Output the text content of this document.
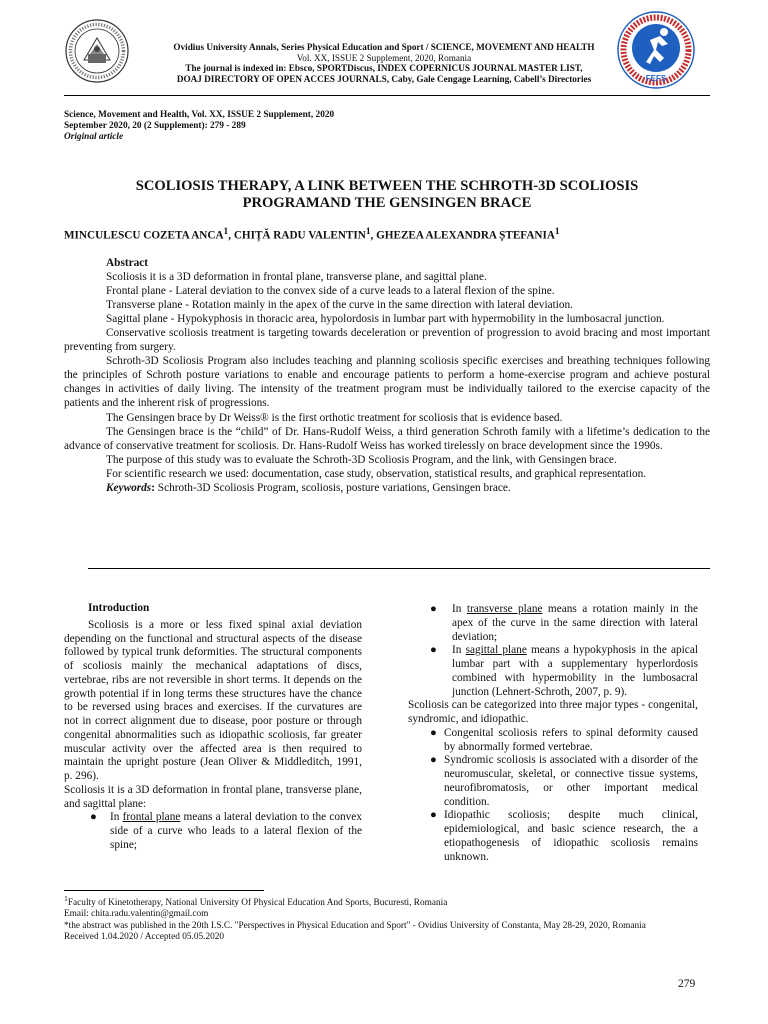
FEFS
Ovidius University Annals, Series Physical Education and Sport / SCIENCE, MOVEMENT AND HEALTH
Vol. XX, ISSUE 2 Supplement, 2020, Romania
The journal is indexed in: Ebsco, SPORTDiscus, INDEX COPERNICUS JOURNAL MASTER LIST,
DOAJ DIRECTORY OF OPEN ACCES JOURNALS, Caby, Gale Cengage Learning, Cabell’s Directories
Science, Movement and Health, Vol. XX, ISSUE 2 Supplement, 2020
September 2020, 20 (2 Supplement): 279 - 289
Original article
SCOLIOSIS THERAPY, A LINK BETWEEN THE SCHROTH-3D SCOLIOSIS
PROGRAMAND THE GENSINGEN BRACE
MINCULESCU COZETA ANCA$^1$, CHIȚĂ RADU VALENTIN$^1$, GHEZEA ALEXANDRA ȘTEFANIA$^1$

Abstract

Scoliosis it is a 3D deformation in frontal plane, transverse plane, and sagittal plane.

Frontal plane - Lateral deviation to the convex side of a curve leads to a lateral flexion of the spine.

Transverse plane - Rotation mainly in the apex of the curve in the same direction with lateral deviation.

Sagittal plane - Hypokyphosis in thoracic area, hypolordosis in lumbar part with hypermobility in the lumbosacral junction.

Conservative scoliosis treatment is targeting towards deceleration or prevention of progression to avoid bracing and most important preventing from surgery.

Schroth-3D Scoliosis Program also includes teaching and planning scoliosis specific exercises and breathing techniques following the principles of Schroth posture variations to enable and encourage patients to perform a home-exercise program and achieve postural changes in activities of daily living. The intensity of the treatment program must be individually tailored to the exercise capacity of the patients and the inherent risk of progressions.

The Gensingen brace by Dr Weiss® is the first orthotic treatment for scoliosis that is evidence based.

The Gensingen brace is the “child” of Dr. Hans-Rudolf Weiss, a third generation Schroth family with a lifetime’s dedication to the advance of conservative treatment for scoliosis. Dr. Hans-Rudolf Weiss has worked tirelessly on brace development since the 1990s.

The purpose of this study was to evaluate the Schroth-3D Scoliosis Program, and the link, with Gensingen brace.

For scientific research we used: documentation, case study, observation, statistical results, and graphical representation.

Keywords: Schroth-3D Scoliosis Program, scoliosis, posture variations, Gensingen brace.

Introduction

Scoliosis is a more or less fixed spinal axial deviation depending on the functional and structural aspects of the disease followed by typical trunk deformities. The structural components of scoliosis mainly the mechanical adaptations of discs, vertebrae, ribs are not reversible in short terms. It depends on the growth potential if in long terms these structures have the chance to be reversed using braces and exercises. If the curvatures are not in correct alignment due to disease, poor posture or through congenital abnormalities such as idiopathic scoliosis, far greater muscular activity over the affected area is then required to maintain the upright posture (Jean Oliver & Middleditch, 1991, p. 296).

Scoliosis it is a 3D deformation in frontal plane, transverse plane, and sagittal plane:

● In frontal plane means a lateral deviation to the convex side of a curve who leads to a lateral flexion of the spine;
● In transverse plane means a rotation mainly in the apex of the curve in the same direction with lateral deviation;
● In sagittal plane means a hypokyphosis in the apical lumbar part with a supplementary hyperlordosis combined with hypermobility in the lumbosacral junction (Lehnert-Schroth, 2007, p. 9).

Scoliosis can be categorized into three major types - congenital, syndromic, and idiopathic.

● Congenital scoliosis refers to spinal deformity caused by abnormally formed vertebrae.
● Syndromic scoliosis is associated with a disorder of the neuromuscular, skeletal, or connective tissue systems, neurofibromatosis, or other important medical condition.
● Idiopathic scoliosis; despite much clinical, epidemiological, and basic science research, the a etiopathogenesis of idiopathic scoliosis remains unknown.
$^1$Faculty of Kinetotherapy, National University Of Physical Education And Sports, Bucuresti, Romania
Email: chita.radu.valentin@gmail.com
*the abstract was published in the 20th I.S.C. "Perspectives in Physical Education and Sport" - Ovidius University of Constanta, May 28-29, 2020, Romania
Received 1.04.2020 / Accepted 05.05.2020
279
